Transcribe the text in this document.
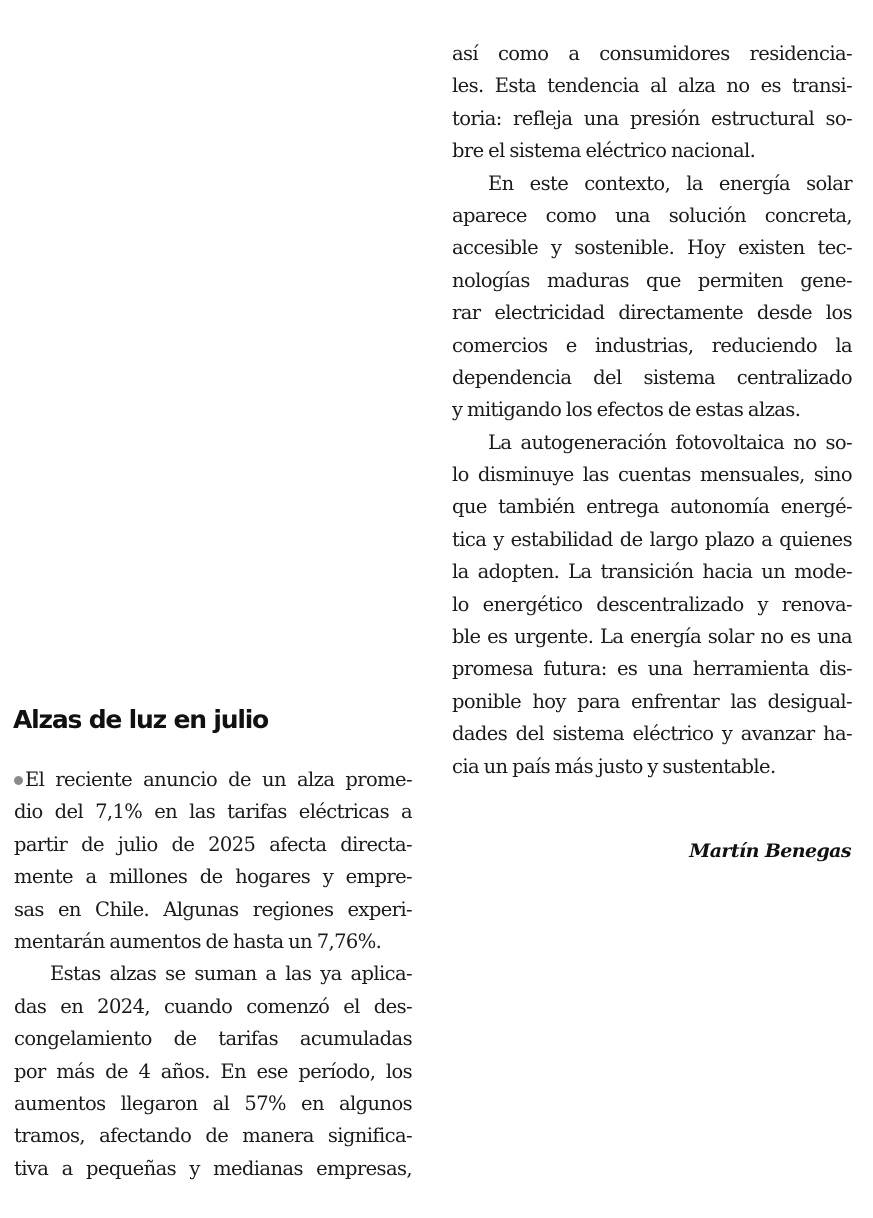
Alzas de luz en julio
El reciente anuncio de un alza prome-
dio del 7,1% en las tarifas eléctricas a
partir de julio de 2025 afecta directa-
mente a millones de hogares y empre-
sas en Chile. Algunas regiones experi-
mentarán aumentos de hasta un 7,76%.
Estas alzas se suman a las ya aplica-
das en 2024, cuando comenzó el des-
congelamiento de tarifas acumuladas
por más de 4 años. En ese período, los
aumentos llegaron al 57% en algunos
tramos, afectando de manera significa-
tiva a pequeñas y medianas empresas,
así como a consumidores residencia-
les. Esta tendencia al alza no es transi-
toria: refleja una presión estructural so-
bre el sistema eléctrico nacional.
En este contexto, la energía solar
aparece como una solución concreta,
accesible y sostenible. Hoy existen tec-
nologías maduras que permiten gene-
rar electricidad directamente desde los
comercios e industrias, reduciendo la
dependencia del sistema centralizado
y mitigando los efectos de estas alzas.
La autogeneración fotovoltaica no so-
lo disminuye las cuentas mensuales, sino
que también entrega autonomía energé-
tica y estabilidad de largo plazo a quienes
la adopten. La transición hacia un mode-
lo energético descentralizado y renova-
ble es urgente. La energía solar no es una
promesa futura: es una herramienta dis-
ponible hoy para enfrentar las desigual-
dades del sistema eléctrico y avanzar ha-
cia un país más justo y sustentable.
Martín Benegas
